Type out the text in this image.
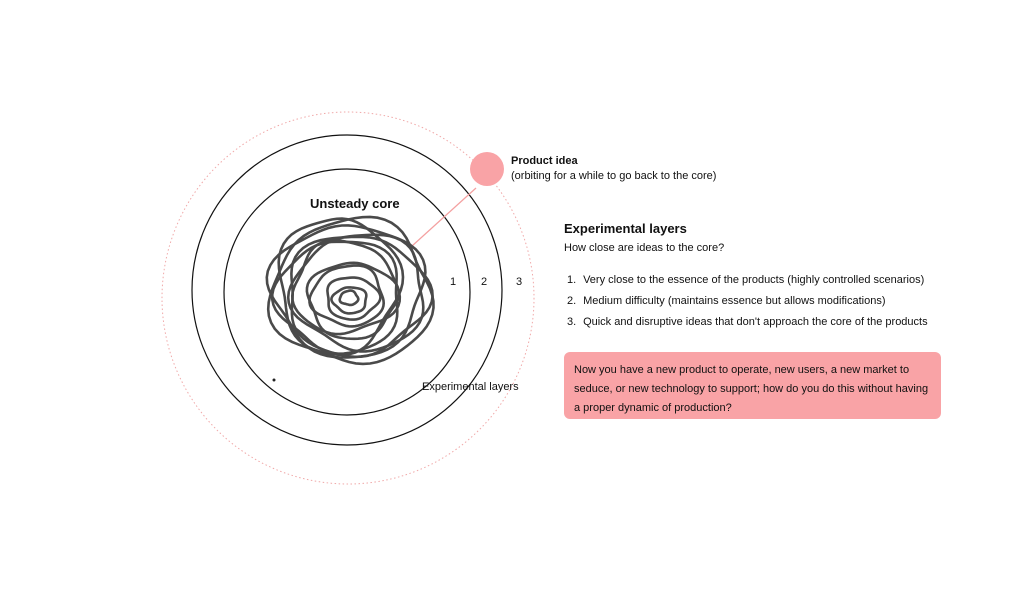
Unsteady core
1 2	3
Experimental layers
Product idea
(orbiting for a while to go back to the core)
Experimental layers
How close are ideas to the core?
1. Very close to the essence of the products (highly controlled scenarios)
2. Medium difficulty (maintains essence but allows modifications)
3. Quick and disruptive ideas that don't approach the core of the products
Now you have a new product to operate, new users, a new market to seduce, or new technology to support; how do you do this without having a proper dynamic of production?
